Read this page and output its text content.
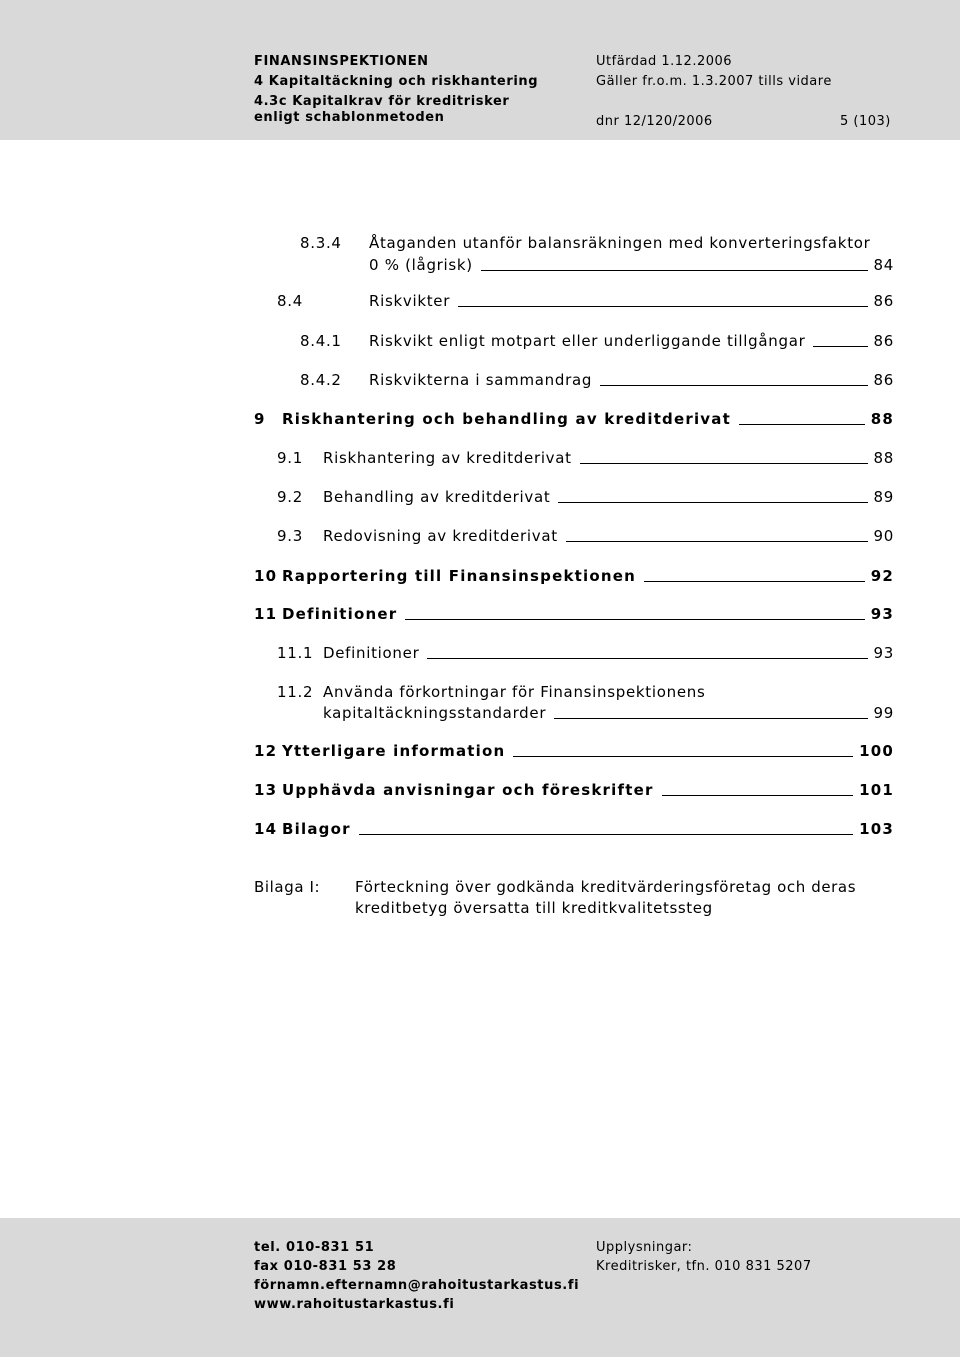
FINANSINSPEKTIONEN
4 Kapitaltäckning och riskhantering
4.3c Kapitalkrav för kreditrisker
enligt schablonmetoden
Utfärdad 1.12.2006
Gäller fr.o.m. 1.3.2007 tills vidare
dnr 12/120/2006	5 (103)
8.3.4 Åtaganden utanför balansräkningen med konverteringsfaktor
0 % (lågrisk)	84
8.4	Riskvikter	86
8.4.1	Riskvikt enligt motpart eller underliggande tillgångar	86
8.4.2	Riskvikterna i sammandrag	86
9	Riskhantering och behandling av kreditderivat	88
9.1	Riskhantering av kreditderivat	88
9.2	Behandling av kreditderivat	89
9.3	Redovisning av kreditderivat	90
10 Rapportering till Finansinspektionen	92
11 Definitioner	93
11.1 Definitioner	93
11.2 Använda förkortningar för Finansinspektionens
kapitaltäckningsstandarder	99
12 Ytterligare information	100
13 Upphävda anvisningar och föreskrifter	101
14 Bilagor	103
Bilaga I: Förteckning över godkända kreditvärderingsföretag och deras
kreditbetyg översatta till kreditkvalitetssteg
tel. 010-831 51
fax 010-831 53 28
förnamn.efternamn@rahoitustarkastus.fi
www.rahoitustarkastus.fi
Upplysningar:
Kreditrisker, tfn. 010 831 5207
